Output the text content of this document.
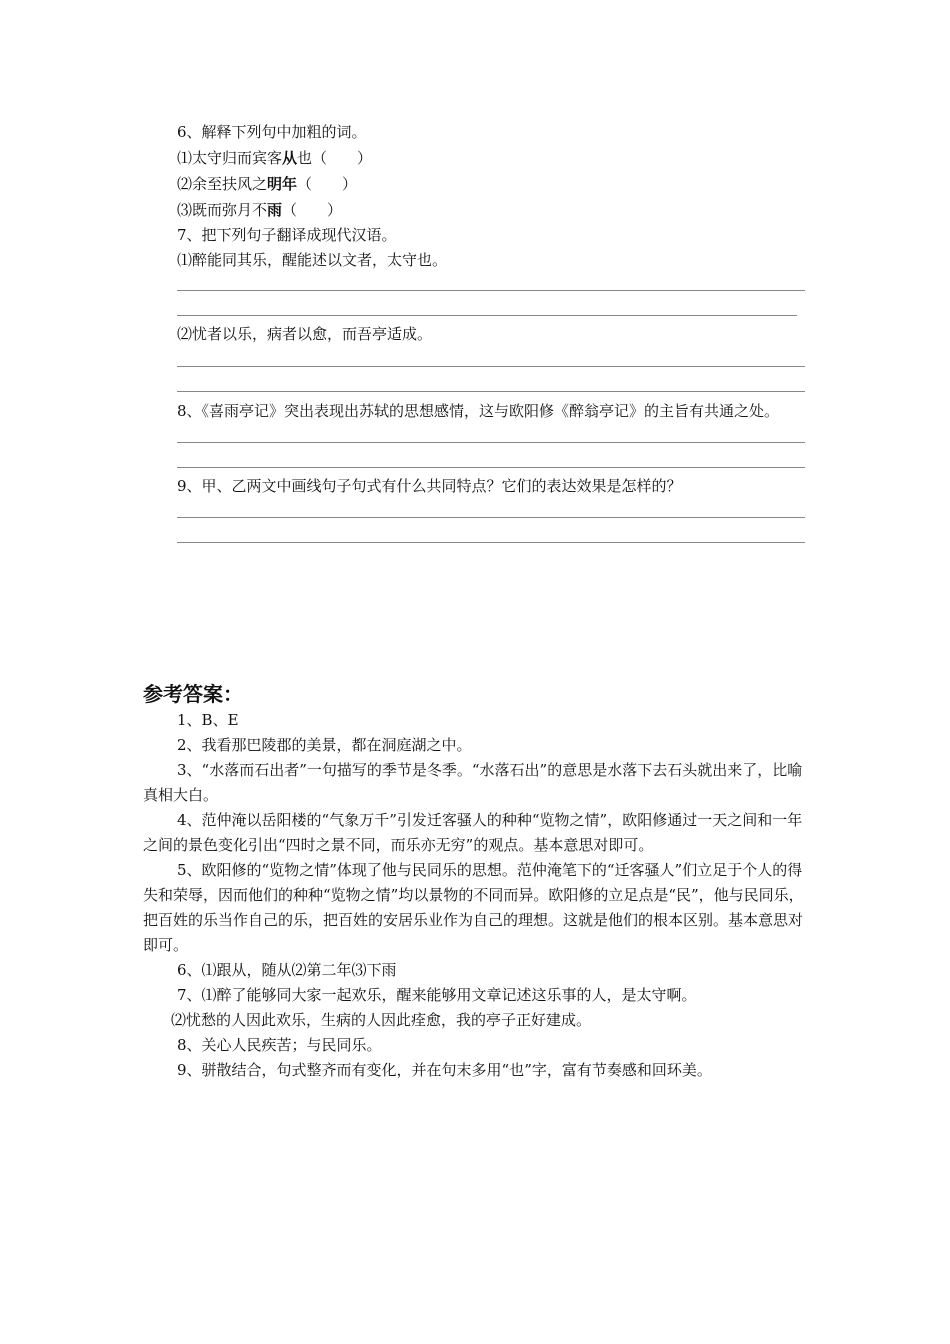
6、解释下列句中加粗的词。
⑴太守归而宾客从也（　　）
⑵余至扶风之明年（　　）
⑶既而弥月不雨（　　）
7、把下列句子翻译成现代汉语。
⑴醉能同其乐，醒能述以文者，太守也。
⑵忧者以乐，病者以愈，而吾亭适成。
8、《喜雨亭记》突出表现出苏轼的思想感情，这与欧阳修《醉翁亭记》的主旨有共通之处。
9、甲、乙两文中画线句子句式有什么共同特点？它们的表达效果是怎样的？
参考答案：
1、B、E
2、我看那巴陵郡的美景，都在洞庭湖之中。
3、“水落而石出者”一句描写的季节是冬季。“水落石出”的意思是水落下去石头就出来了，比喻真相大白。
4、范仲淹以岳阳楼的“气象万千”引发迁客骚人的种种“览物之情”，欧阳修通过一天之间和一年之间的景色变化引出“四时之景不同，而乐亦无穷”的观点。基本意思对即可。
5、欧阳修的“览物之情”体现了他与民同乐的思想。范仲淹笔下的“迁客骚人”们立足于个人的得失和荣辱，因而他们的种种“览物之情”均以景物的不同而异。欧阳修的立足点是“民”，他与民同乐，把百姓的乐当作自己的乐，把百姓的安居乐业作为自己的理想。这就是他们的根本区别。基本意思对即可。
6、⑴跟从，随从⑵第二年⑶下雨
7、⑴醉了能够同大家一起欢乐，醒来能够用文章记述这乐事的人，是太守啊。
⑵忧愁的人因此欢乐，生病的人因此痊愈，我的亭子正好建成。
8、关心人民疾苦；与民同乐。
9、骈散结合，句式整齐而有变化，并在句末多用“也”字，富有节奏感和回环美。
